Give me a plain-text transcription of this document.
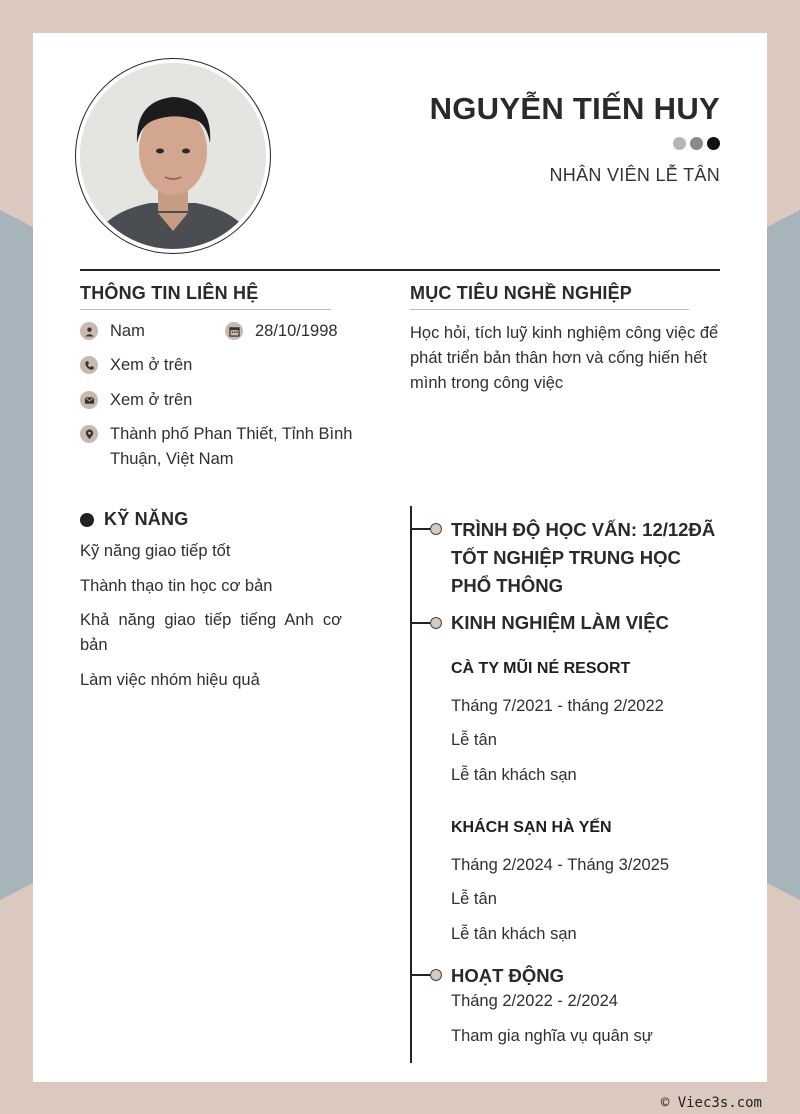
NGUYỄN TIẾN HUY
NHÂN VIÊN LỄ TÂN
THÔNG TIN LIÊN HỆ
Nam	28/10/1998
Xem ở trên
Xem ở trên
Thành phố Phan Thiết, Tỉnh Bình Thuận, Việt Nam
MỤC TIÊU NGHỀ NGHIỆP
Học hỏi, tích luỹ kinh nghiệm công việc để phát triển bản thân hơn và cống hiến hết mình trong công việc
KỸ NĂNG
Kỹ năng giao tiếp tốt
Thành thạo tin học cơ bản
Khả năng giao tiếp tiếng Anh cơ bản
Làm việc nhóm hiệu quả
TRÌNH ĐỘ HỌC VẤN: 12/12ĐÃ TỐT NGHIỆP TRUNG HỌC PHỔ THÔNG
KINH NGHIỆM LÀM VIỆC
CÀ TY MŨI NÉ RESORT
Tháng 7/2021 - tháng 2/2022
Lễ tân
Lễ tân khách sạn
KHÁCH SẠN HÀ YẾN
Tháng 2/2024 - Tháng 3/2025
Lễ tân
Lễ tân khách sạn
HOẠT ĐỘNG
Tháng 2/2022 - 2/2024
Tham gia nghĩa vụ quân sự
© Viec3s.com
